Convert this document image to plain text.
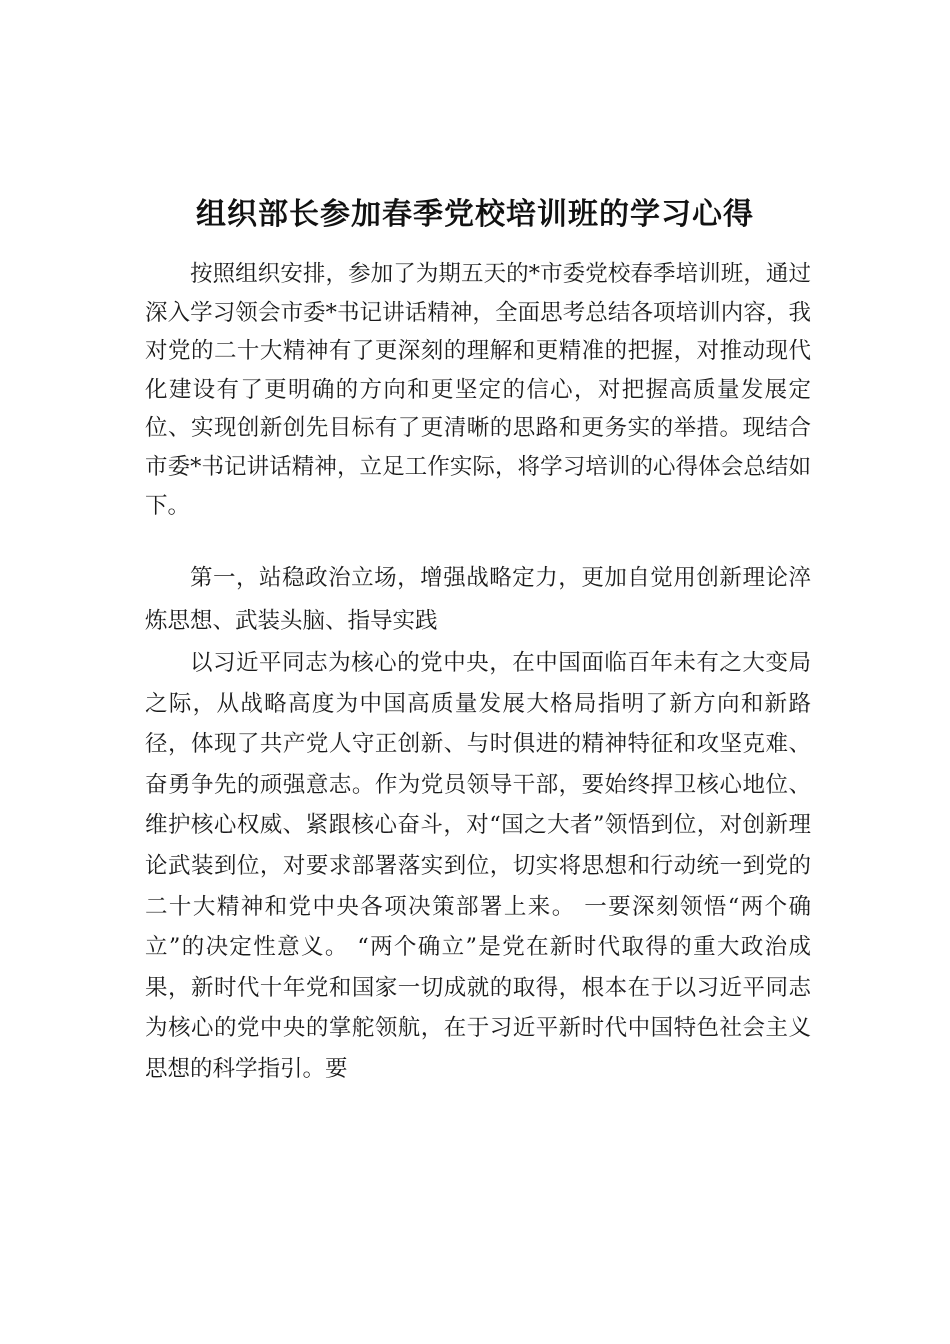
组织部长参加春季党校培训班的学习心得

按照组织安排，参加了为期五天的*市委党校春季培训班，通过深入学习领会市委*书记讲话精神，全面思考总结各项培训内容，我对党的二十大精神有了更深刻的理解和更精准的把握，对推动现代化建设有了更明确的方向和更坚定的信心，对把握高质量发展定位、实现创新创先目标有了更清晰的思路和更务实的举措。现结合市委*书记讲话精神，立足工作实际，将学习培训的心得体会总结如下。

第一，站稳政治立场，增强战略定力，更加自觉用创新理论淬炼思想、武装头脑、指导实践

以习近平同志为核心的党中央，在中国面临百年未有之大变局之际，从战略高度为中国高质量发展大格局指明了新方向和新路径，体现了共产党人守正创新、与时俱进的精神特征和攻坚克难、奋勇争先的顽强意志。作为党员领导干部，要始终捍卫核心地位、维护核心权威、紧跟核心奋斗，对“国之大者”领悟到位，对创新理论武装到位，对要求部署落实到位，切实将思想和行动统一到党的二十大精神和党中央各项决策部署上来。 一要深刻领悟“两个确立”的决定性意义。 “两个确立”是党在新时代取得的重大政治成果，新时代十年党和国家一切成就的取得，根本在于以习近平同志为核心的党中央的掌舵领航，在于习近平新时代中国特色社会主义思想的科学指引。要
